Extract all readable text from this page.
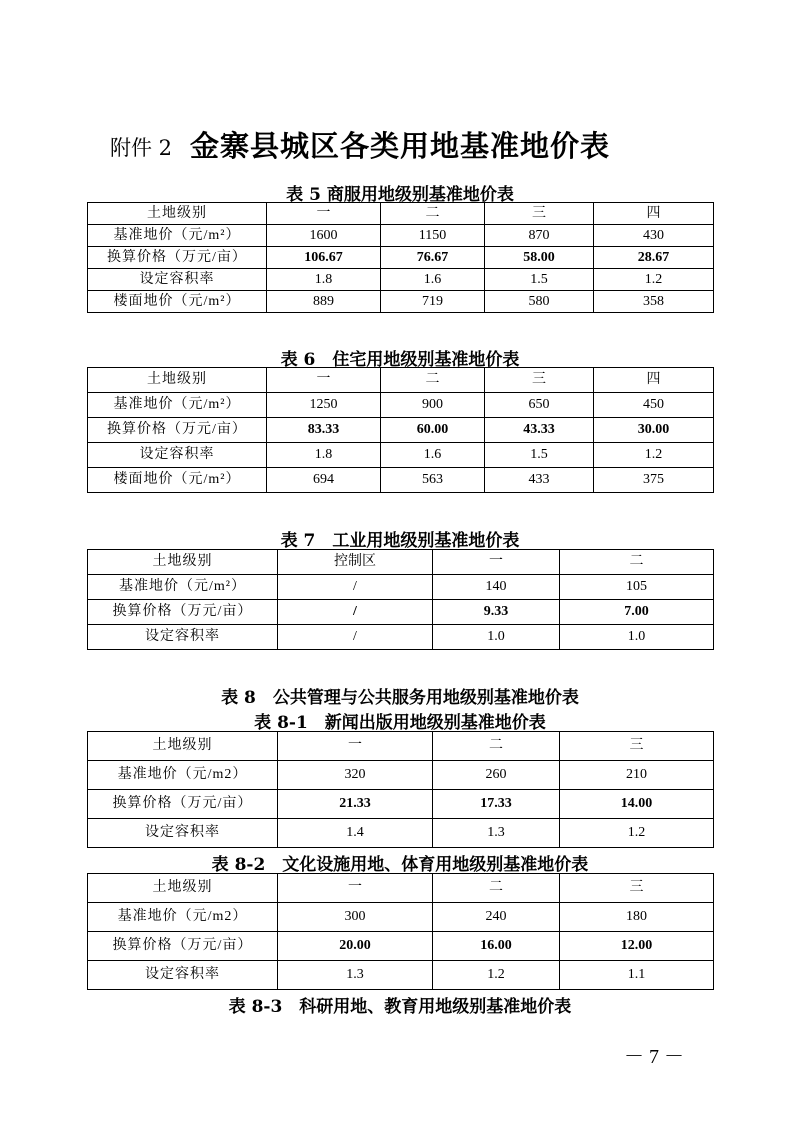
附件 2 金寨县城区各类用地基准地价表
表 5 商服用地级别基准地价表
土地级别	一	二	三	四
基准地价（元/m²）	1600	1150	870	430
换算价格（万元/亩）	106.67	76.67	58.00	28.67
设定容积率	1.8	1.6	1.5	1.2
楼面地价（元/m²）	889	719	580	358
表 6　住宅用地级别基准地价表
土地级别	一	二	三	四
基准地价（元/m²）	1250	900	650	450
换算价格（万元/亩）	83.33	60.00	43.33	30.00
设定容积率	1.8	1.6	1.5	1.2
楼面地价（元/m²）	694	563	433	375
表 7　工业用地级别基准地价表
土地级别	控制区	一	二
基准地价（元/m²）	/	140	105
换算价格（万元/亩）	/	9.33	7.00
设定容积率	/	1.0	1.0
表 8　公共管理与公共服务用地级别基准地价表
表 8-1　新闻出版用地级别基准地价表
土地级别	一	二	三
基准地价（元/m2）	320	260	210
换算价格（万元/亩）	21.33	17.33	14.00
设定容积率	1.4	1.3	1.2
表 8-2　文化设施用地、体育用地级别基准地价表
土地级别	一	二	三
基准地价（元/m2）	300	240	180
换算价格（万元/亩）	20.00	16.00	12.00
设定容积率	1.3	1.2	1.1
表 8-3　科研用地、教育用地级别基准地价表
－ 7 －
